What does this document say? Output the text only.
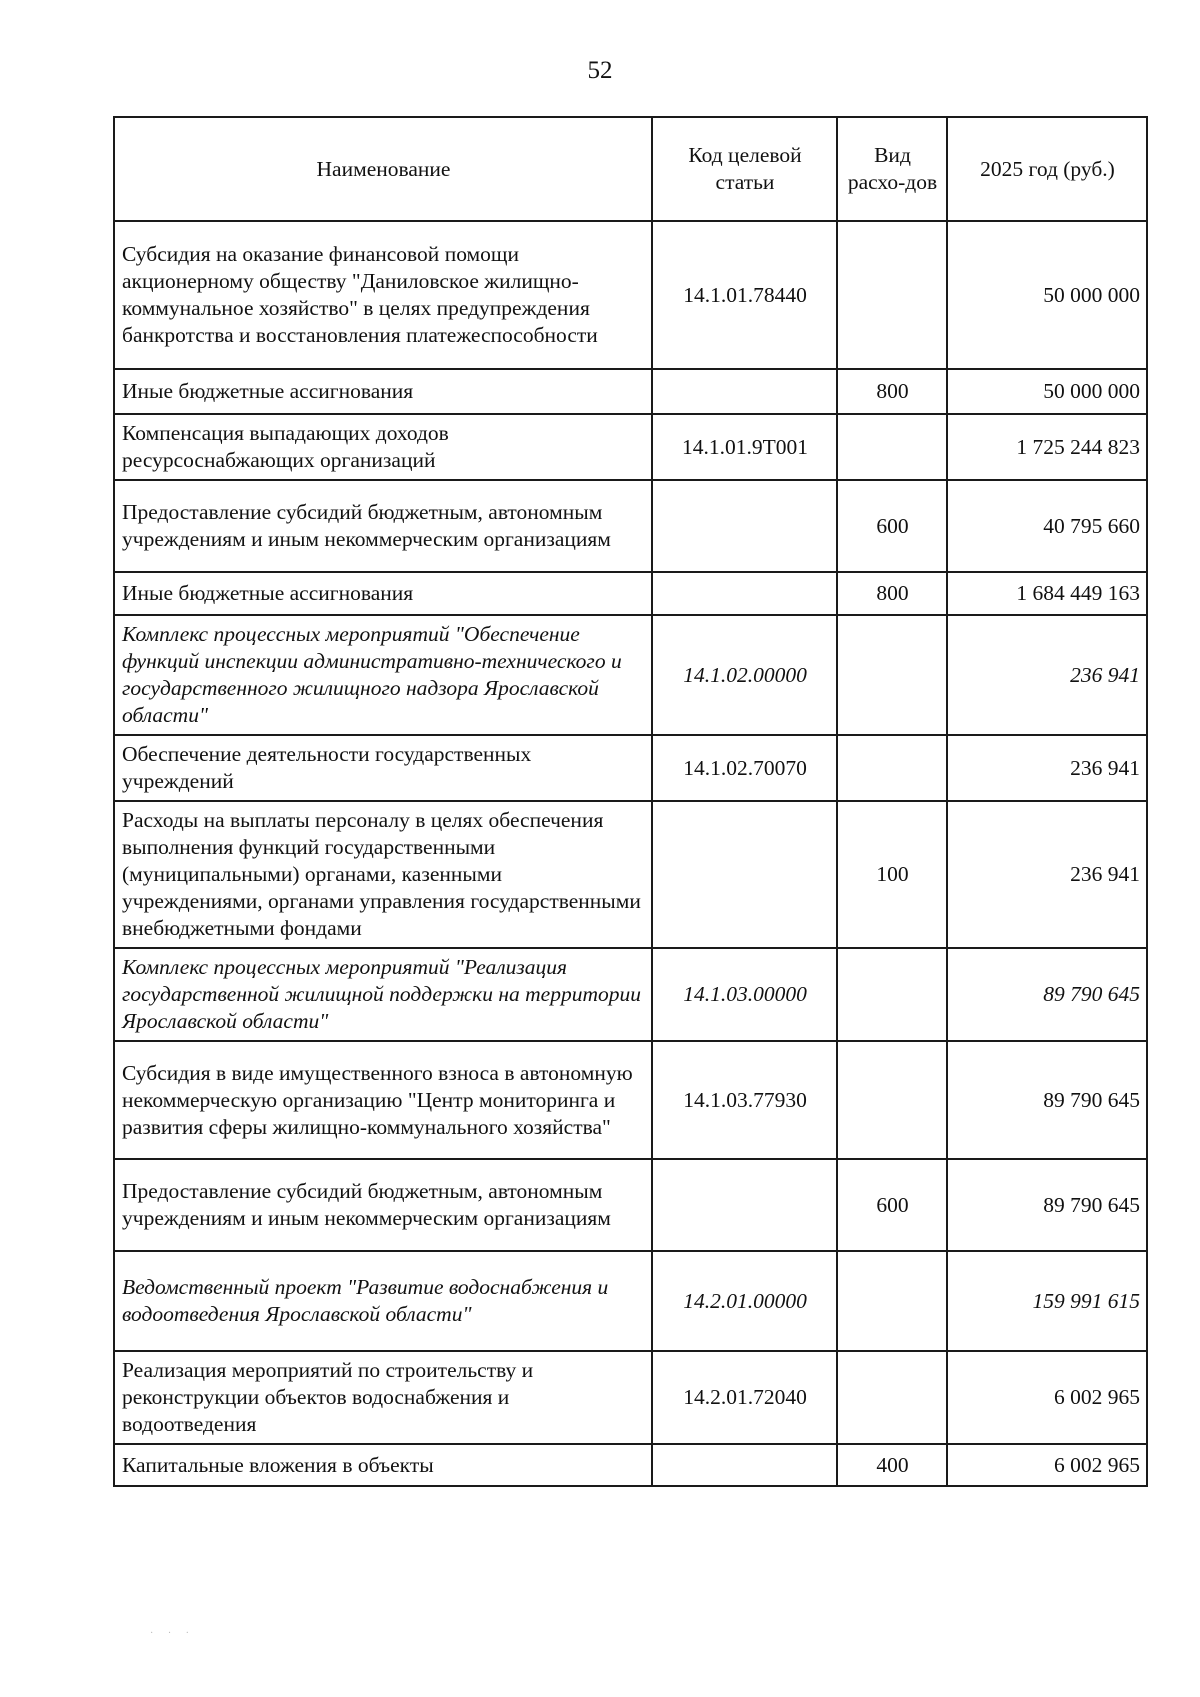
52
Наименование	Код целевой статьи	Вид расхо-дов	2025 год (руб.)
Субсидия на оказание финансовой помощи акционерному обществу "Даниловское жилищно-коммунальное хозяйство" в целях предупреждения банкротства и восстановления платежеспособности	14.1.01.78440		50 000 000
Иные бюджетные ассигнования		800	50 000 000
Компенсация выпадающих доходов ресурсоснабжающих организаций	14.1.01.9Т001		1 725 244 823
Предоставление субсидий бюджетным, автономным учреждениям и иным некоммерческим организациям		600	40 795 660
Иные бюджетные ассигнования		800	1 684 449 163
Комплекс процессных мероприятий "Обеспечение функций инспекции административно-технического и государственного жилищного надзора Ярославской области"	14.1.02.00000		236 941
Обеспечение деятельности государственных учреждений	14.1.02.70070		236 941
Расходы на выплаты персоналу в целях обеспечения выполнения функций государственными (муниципальными) органами, казенными учреждениями, органами управления государственными внебюджетными фондами		100	236 941
Комплекс процессных мероприятий "Реализация государственной жилищной поддержки на территории Ярославской области"	14.1.03.00000		89 790 645
Субсидия в виде имущественного взноса в автономную некоммерческую организацию "Центр мониторинга и развития сферы жилищно-коммунального хозяйства"	14.1.03.77930		89 790 645
Предоставление субсидий бюджетным, автономным учреждениям и иным некоммерческим организациям		600	89 790 645
Ведомственный проект "Развитие водоснабжения и водоотведения Ярославской области"	14.2.01.00000		159 991 615
Реализация мероприятий по строительству и реконструкции объектов водоснабжения и водоотведения	14.2.01.72040		6 002 965
Капитальные вложения в объекты		400	6 002 965
· · ·
